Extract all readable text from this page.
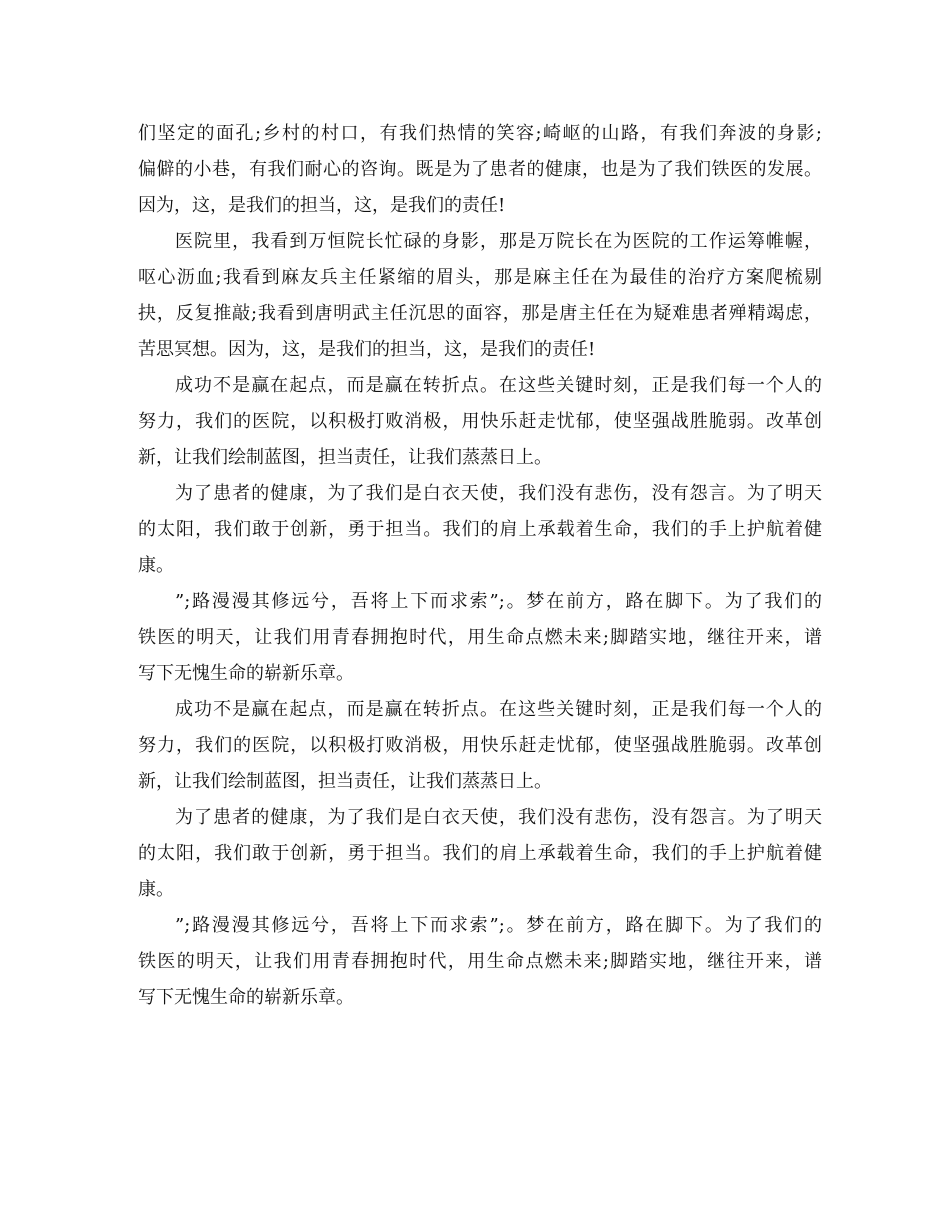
们坚定的面孔;乡村的村口，有我们热情的笑容;崎岖的山路，有我们奔波的身影;
偏僻的小巷，有我们耐心的咨询。既是为了患者的健康，也是为了我们铁医的发展。
因为，这，是我们的担当，这，是我们的责任!
医院里，我看到万恒院长忙碌的身影，那是万院长在为医院的工作运筹帷幄，
呕心沥血;我看到麻友兵主任紧缩的眉头，那是麻主任在为最佳的治疗方案爬梳剔
抉，反复推敲;我看到唐明武主任沉思的面容，那是唐主任在为疑难患者殚精竭虑，
苦思冥想。因为，这，是我们的担当，这，是我们的责任!
成功不是赢在起点，而是赢在转折点。在这些关键时刻，正是我们每一个人的
努力，我们的医院，以积极打败消极，用快乐赶走忧郁，使坚强战胜脆弱。改革创
新，让我们绘制蓝图，担当责任，让我们蒸蒸日上。
为了患者的健康，为了我们是白衣天使，我们没有悲伤，没有怨言。为了明天
的太阳，我们敢于创新，勇于担当。我们的肩上承载着生命，我们的手上护航着健
康。
”;路漫漫其修远兮，吾将上下而求索”;。梦在前方，路在脚下。为了我们的
铁医的明天，让我们用青春拥抱时代，用生命点燃未来;脚踏实地，继往开来，谱
写下无愧生命的崭新乐章。
成功不是赢在起点，而是赢在转折点。在这些关键时刻，正是我们每一个人的
努力，我们的医院，以积极打败消极，用快乐赶走忧郁，使坚强战胜脆弱。改革创
新，让我们绘制蓝图，担当责任，让我们蒸蒸日上。
为了患者的健康，为了我们是白衣天使，我们没有悲伤，没有怨言。为了明天
的太阳，我们敢于创新，勇于担当。我们的肩上承载着生命，我们的手上护航着健
康。
”;路漫漫其修远兮，吾将上下而求索”;。梦在前方，路在脚下。为了我们的
铁医的明天，让我们用青春拥抱时代，用生命点燃未来;脚踏实地，继往开来，谱
写下无愧生命的崭新乐章。
